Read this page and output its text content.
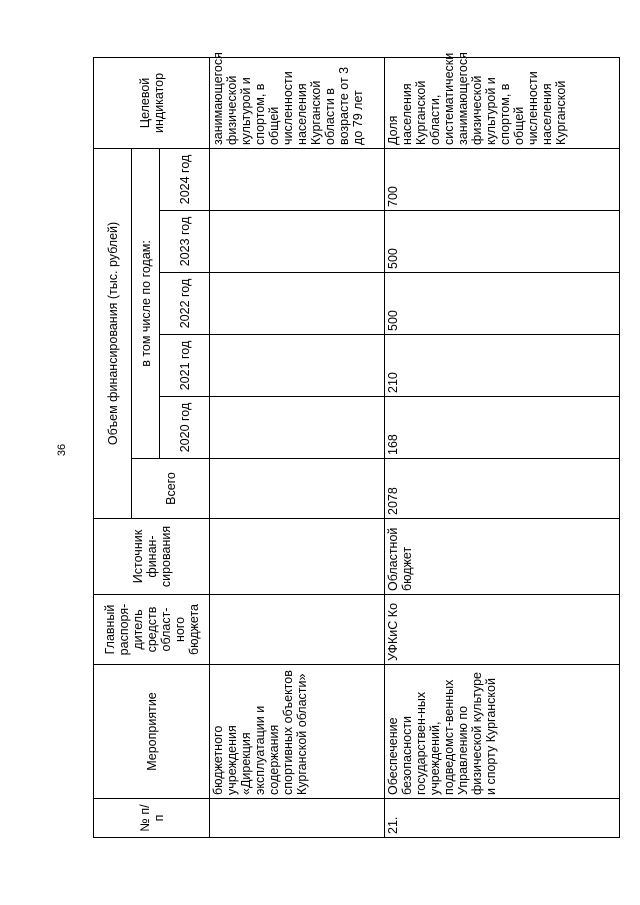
36
№ п/п	Мероприятие	Главный распоря-дитель средств област-ного бюджета	Источник финан-сирования	Объем финансирования (тыс. рублей)						Целевой индикатор
				Всего	в том числе по годам:					
					2020 год	2021 год	2022 год	2023 год	2024 год	
	бюджетного учреждения «Дирекция эксплуатации и содержания спортивных объектов Курганской области»									занимающегося физической культурой и спортом, в общей численности населения Курганской области в возрасте от 3 до 79 лет
21.	Обеспечение безопасности государствен-ных учреждений, подведомст-венных Управлению по физической культуре и спорту Курганской	УФКиС Ко	Областной бюджет	2078	168	210	500	500	700	Доля населения Курганской области, систематически занимающегося физической культурой и спортом, в общей численности населения Курганской
